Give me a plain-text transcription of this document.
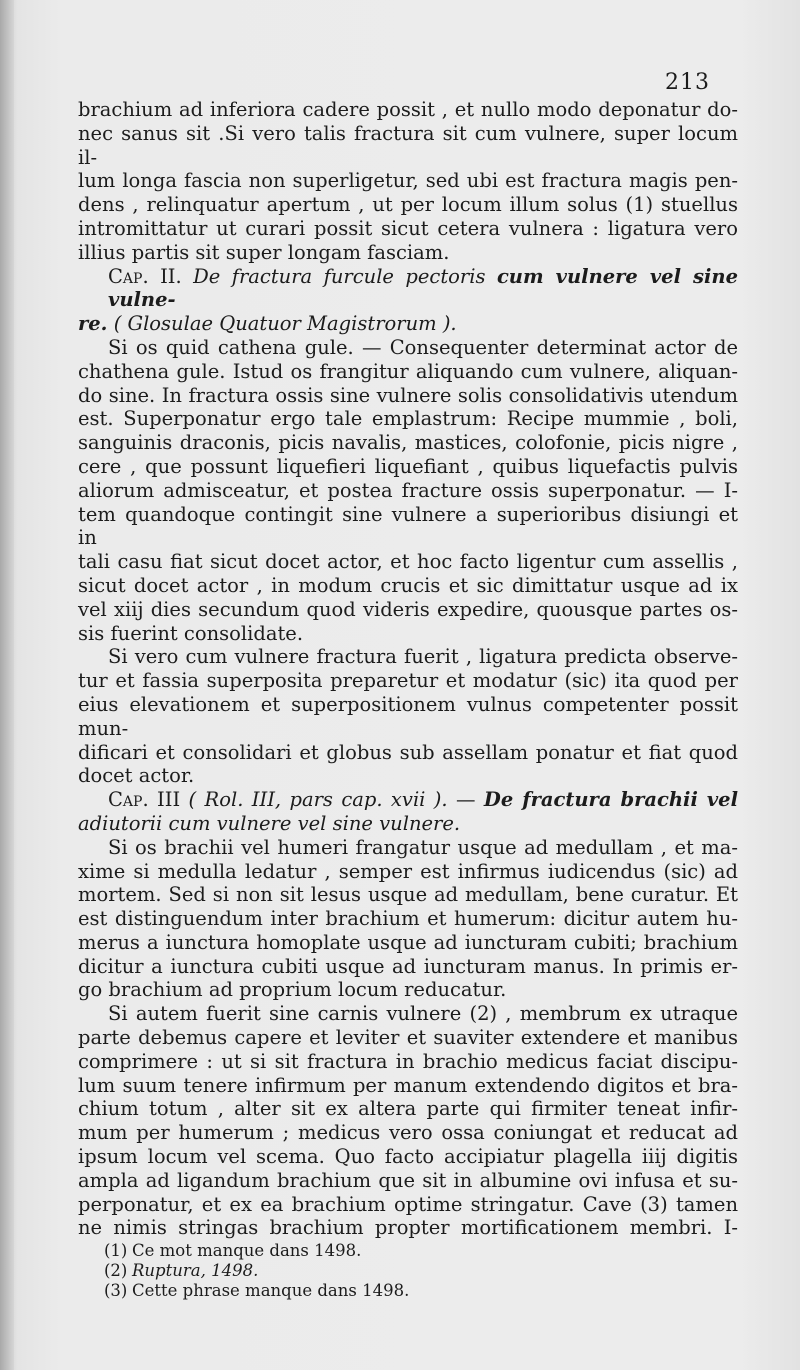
213
brachium ad inferiora cadere possit , et nullo modo deponatur do-
nec sanus sit .Si vero talis fractura sit cum vulnere, super locum il-
lum longa fascia non superligetur, sed ubi est fractura magis pen-
dens , relinquatur apertum , ut per locum illum solus (1) stuellus
intromittatur ut curari possit sicut cetera vulnera : ligatura vero
illius partis sit super longam fasciam.
Cap. II. De fractura furcule pectoris cum vulnere vel sine vulne-
re. ( Glosulae Quatuor Magistrorum ).
Si os quid cathena gule. — Consequenter determinat actor de
chathena gule. Istud os frangitur aliquando cum vulnere, aliquan-
do sine. In fractura ossis sine vulnere solis consolidativis utendum
est. Superponatur ergo tale emplastrum: Recipe mummie , boli,
sanguinis draconis, picis navalis, mastices, colofonie, picis nigre ,
cere , que possunt liquefieri liquefiant , quibus liquefactis pulvis
aliorum admisceatur, et postea fracture ossis superponatur. — I-
tem quandoque contingit sine vulnere a superioribus disiungi et in
tali casu fiat sicut docet actor, et hoc facto ligentur cum assellis ,
sicut docet actor , in modum crucis et sic dimittatur usque ad ix
vel xiij dies secundum quod videris expedire, quousque partes os-
sis fuerint consolidate.
Si vero cum vulnere fractura fuerit , ligatura predicta observe-
tur et fassia superposita preparetur et modatur (sic) ita quod per
eius elevationem et superpositionem vulnus competenter possit mun-
dificari et consolidari et globus sub assellam ponatur et fiat quod
docet actor.
Cap. III ( Rol. III, pars cap. xvii ). — De fractura brachii vel
adiutorii cum vulnere vel sine vulnere.
Si os brachii vel humeri frangatur usque ad medullam , et ma-
xime si medulla ledatur , semper est infirmus iudicendus (sic) ad
mortem. Sed si non sit lesus usque ad medullam, bene curatur. Et
est distinguendum inter brachium et humerum: dicitur autem hu-
merus a iunctura homoplate usque ad iuncturam cubiti; brachium
dicitur a iunctura cubiti usque ad iuncturam manus. In primis er-
go brachium ad proprium locum reducatur.
Si autem fuerit sine carnis vulnere (2) , membrum ex utraque
parte debemus capere et leviter et suaviter extendere et manibus
comprimere : ut si sit fractura in brachio medicus faciat discipu-
lum suum tenere infirmum per manum extendendo digitos et bra-
chium totum , alter sit ex altera parte qui firmiter teneat infir-
mum per humerum ; medicus vero ossa coniungat et reducat ad
ipsum locum vel scema. Quo facto accipiatur plagella iiij digitis
ampla ad ligandum brachium que sit in albumine ovi infusa et su-
perponatur, et ex ea brachium optime stringatur. Cave (3) tamen
ne nimis stringas brachium propter mortificationem membri. I-
(1) Ce mot manque dans 1498.
(2) Ruptura, 1498.
(3) Cette phrase manque dans 1498.
